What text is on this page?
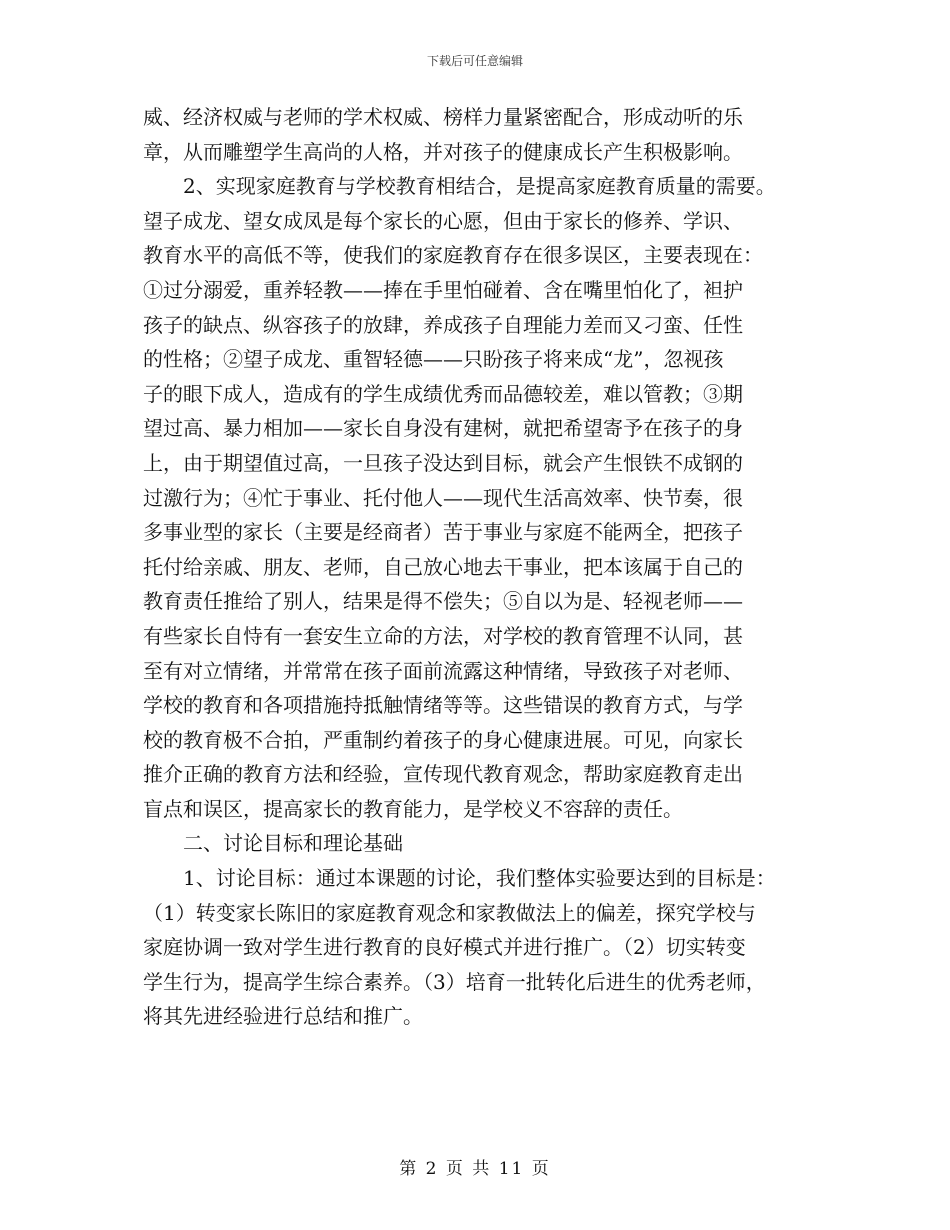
下载后可任意编辑
威、经济权威与老师的学术权威、榜样力量紧密配合，形成动听的乐
章，从而雕塑学生高尚的人格，并对孩子的健康成长产生积极影响。
　　2、实现家庭教育与学校教育相结合，是提高家庭教育质量的需要。
望子成龙、望女成凤是每个家长的心愿，但由于家长的修养、学识、
教育水平的高低不等，使我们的家庭教育存在很多误区，主要表现在：
①过分溺爱，重养轻教——捧在手里怕碰着、含在嘴里怕化了，袒护
孩子的缺点、纵容孩子的放肆，养成孩子自理能力差而又刁蛮、任性
的性格；②望子成龙、重智轻德——只盼孩子将来成“龙”，忽视孩
子的眼下成人，造成有的学生成绩优秀而品德较差，难以管教；③期
望过高、暴力相加——家长自身没有建树，就把希望寄予在孩子的身
上，由于期望值过高，一旦孩子没达到目标，就会产生恨铁不成钢的
过激行为；④忙于事业、托付他人——现代生活高效率、快节奏，很
多事业型的家长（主要是经商者）苦于事业与家庭不能两全，把孩子
托付给亲戚、朋友、老师，自己放心地去干事业，把本该属于自己的
教育责任推给了别人，结果是得不偿失；⑤自以为是、轻视老师——
有些家长自恃有一套安生立命的方法，对学校的教育管理不认同，甚
至有对立情绪，并常常在孩子面前流露这种情绪，导致孩子对老师、
学校的教育和各项措施持抵触情绪等等。这些错误的教育方式，与学
校的教育极不合拍，严重制约着孩子的身心健康进展。可见，向家长
推介正确的教育方法和经验，宣传现代教育观念，帮助家庭教育走出
盲点和误区，提高家长的教育能力，是学校义不容辞的责任。
　　二、讨论目标和理论基础
　　1、讨论目标：通过本课题的讨论，我们整体实验要达到的目标是：
（1）转变家长陈旧的家庭教育观念和家教做法上的偏差，探究学校与
家庭协调一致对学生进行教育的良好模式并进行推广。（2）切实转变
学生行为，提高学生综合素养。（3）培育一批转化后进生的优秀老师，
将其先进经验进行总结和推广。
第 2 页 共 11 页
